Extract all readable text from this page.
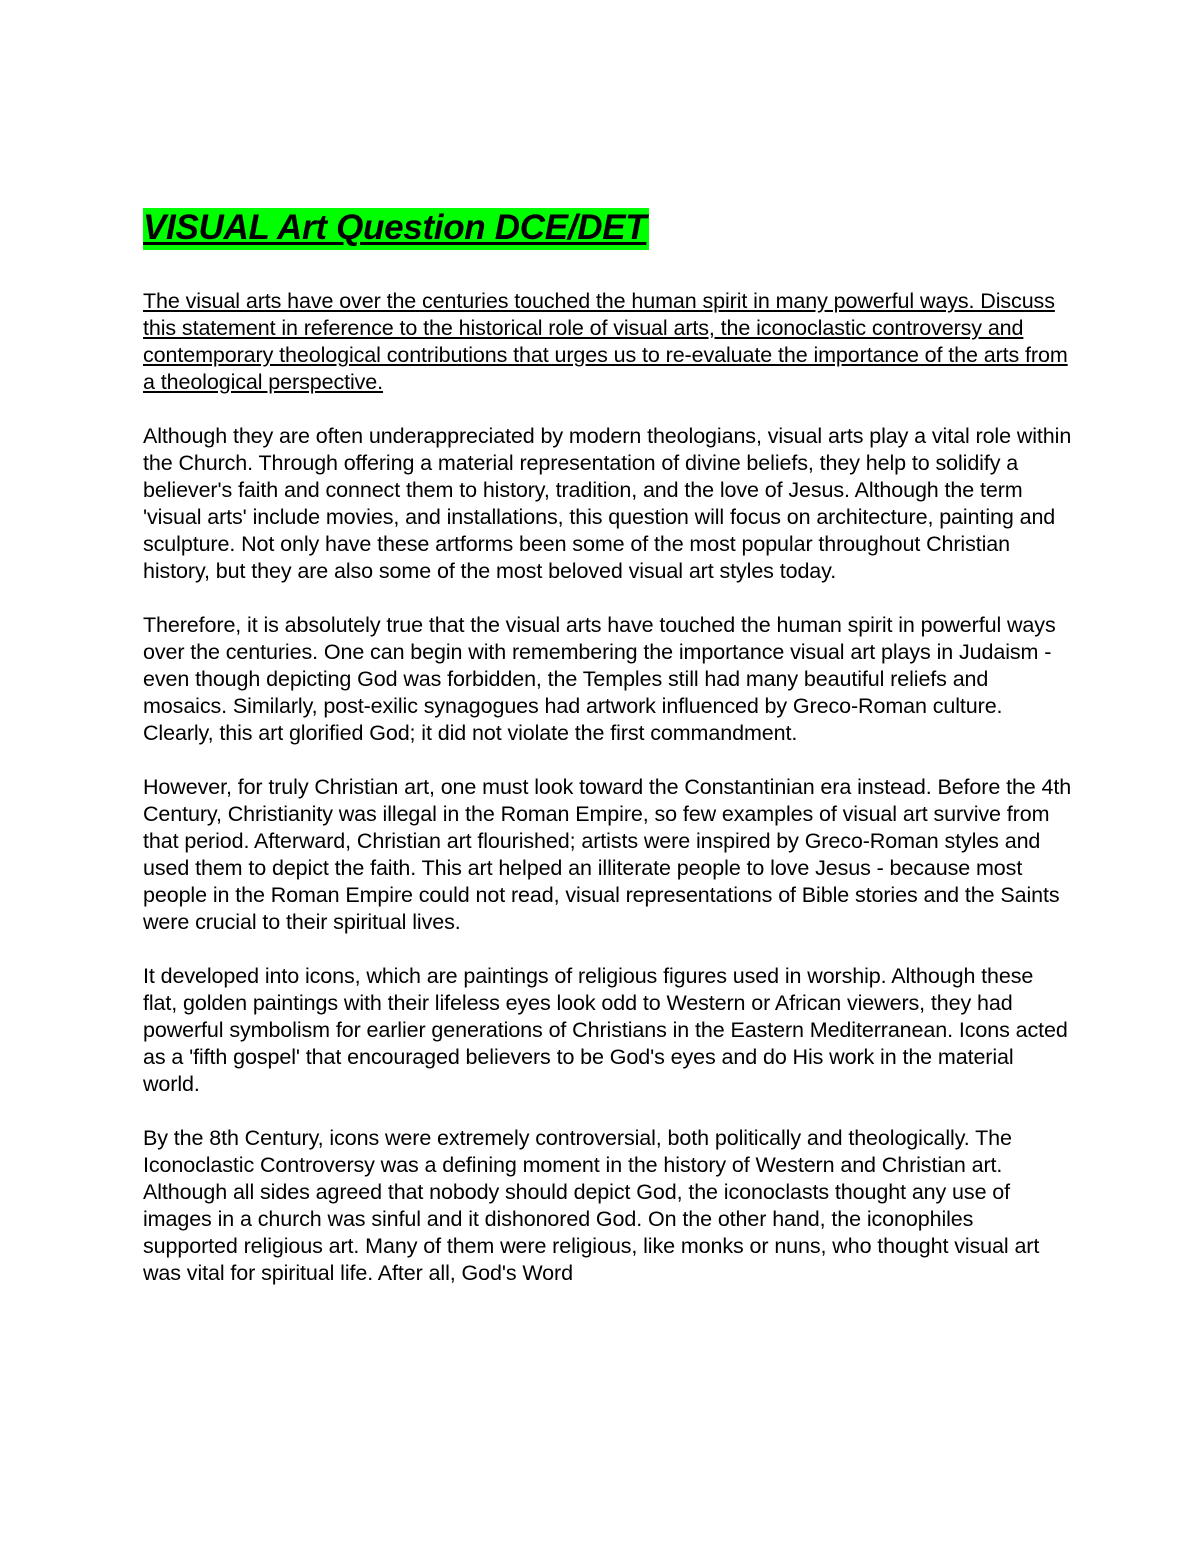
VISUAL Art Question DCE/DET

The visual arts have over the centuries touched the human spirit in many powerful ways. Discuss this statement in reference to the historical role of visual arts, the iconoclastic controversy and contemporary theological contributions that urges us to re-evaluate the importance of the arts from a theological perspective.

Although they are often underappreciated by modern theologians, visual arts play a vital role within the Church. Through offering a material representation of divine beliefs, they help to solidify a believer's faith and connect them to history, tradition, and the love of Jesus. Although the term 'visual arts' include movies, and installations, this question will focus on architecture, painting and sculpture. Not only have these artforms been some of the most popular throughout Christian history, but they are also some of the most beloved visual art styles today.

Therefore, it is absolutely true that the visual arts have touched the human spirit in powerful ways over the centuries. One can begin with remembering the importance visual art plays in Judaism - even though depicting God was forbidden, the Temples still had many beautiful reliefs and mosaics. Similarly, post-exilic synagogues had artwork influenced by Greco-Roman culture. Clearly, this art glorified God; it did not violate the first commandment.

However, for truly Christian art, one must look toward the Constantinian era instead. Before the 4th Century, Christianity was illegal in the Roman Empire, so few examples of visual art survive from that period. Afterward, Christian art flourished; artists were inspired by Greco-Roman styles and used them to depict the faith. This art helped an illiterate people to love Jesus - because most people in the Roman Empire could not read, visual representations of Bible stories and the Saints were crucial to their spiritual lives.

It developed into icons, which are paintings of religious figures used in worship. Although these flat, golden paintings with their lifeless eyes look odd to Western or African viewers, they had powerful symbolism for earlier generations of Christians in the Eastern Mediterranean. Icons acted as a 'fifth gospel' that encouraged believers to be God's eyes and do His work in the material world.

By the 8th Century, icons were extremely controversial, both politically and theologically. The Iconoclastic Controversy was a defining moment in the history of Western and Christian art. Although all sides agreed that nobody should depict God, the iconoclasts thought any use of images in a church was sinful and it dishonored God. On the other hand, the iconophiles supported religious art. Many of them were religious, like monks or nuns, who thought visual art was vital for spiritual life. After all, God's Word
